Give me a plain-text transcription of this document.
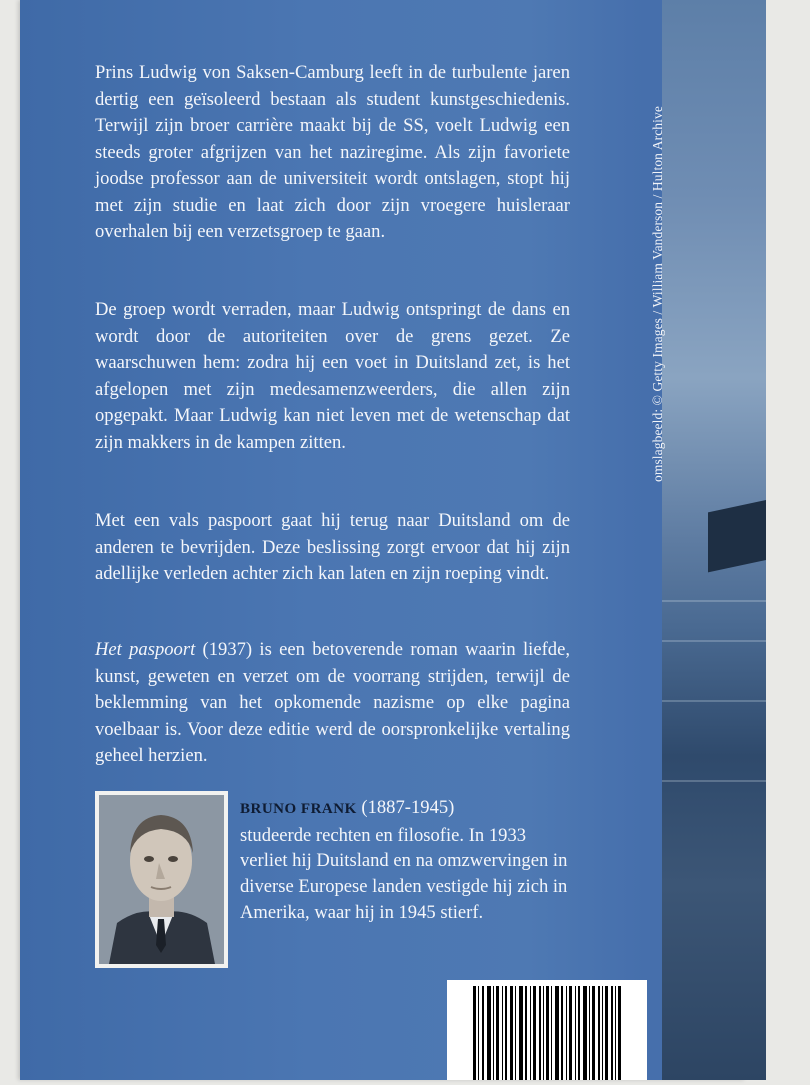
omslagbeeld: © Getty Images / William Vanderson / Hulton Archive

Prins Ludwig von Saksen-Camburg leeft in de turbulente jaren dertig een geïsoleerd bestaan als student kunstgeschiedenis. Terwijl zijn broer carrière maakt bij de SS, voelt Ludwig een steeds groter afgrijzen van het naziregime. Als zijn favoriete joodse professor aan de universiteit wordt ontslagen, stopt hij met zijn studie en laat zich door zijn vroegere huisleraar overhalen bij een verzetsgroep te gaan.

De groep wordt verraden, maar Ludwig ontspringt de dans en wordt door de autoriteiten over de grens gezet. Ze waarschuwen hem: zodra hij een voet in Duitsland zet, is het afgelopen met zijn medesamenzweerders, die allen zijn opgepakt. Maar Ludwig kan niet leven met de wetenschap dat zijn makkers in de kampen zitten.

Met een vals paspoort gaat hij terug naar Duitsland om de anderen te bevrijden. Deze beslissing zorgt ervoor dat hij zijn adellijke verleden achter zich kan laten en zijn roeping vindt.

Het paspoort (1937) is een betoverende roman waarin liefde, kunst, geweten en verzet om de voorrang strijden, terwijl de beklemming van het opkomende nazisme op elke pagina voelbaar is. Voor deze editie werd de oorspronkelijke vertaling geheel herzien.

BRUNO FRANK (1887-1945)
studeerde rechten en filosofie. In 1933 verliet hij Duitsland en na omzwervingen in diverse Europese landen vestigde hij zich in Amerika, waar hij in 1945 stierf.
